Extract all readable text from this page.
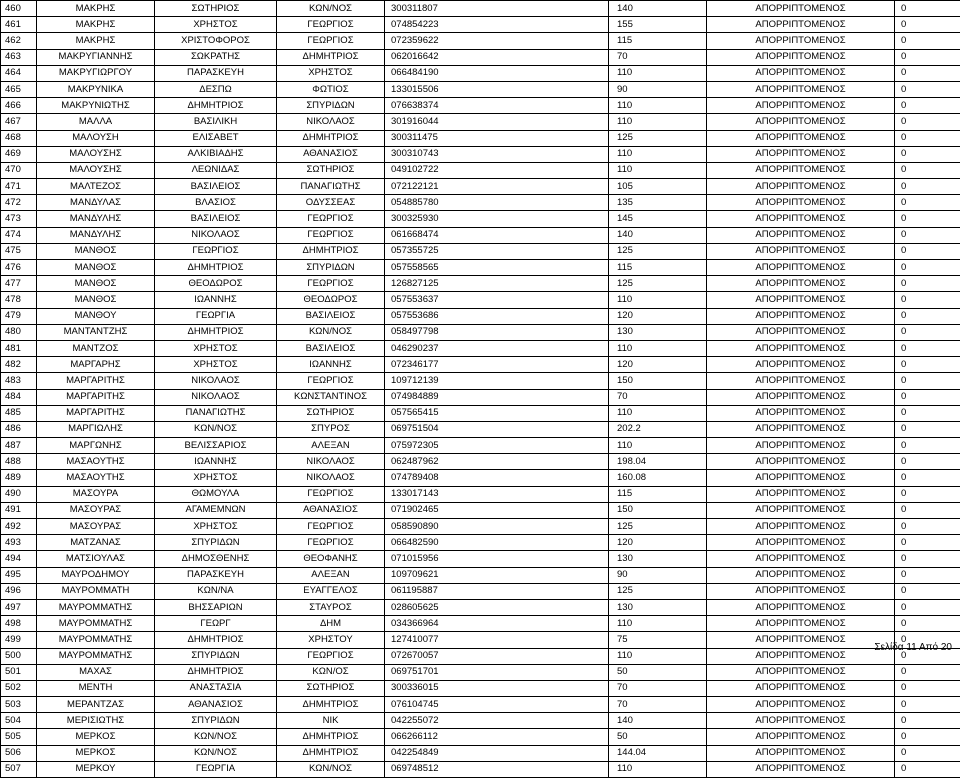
460	ΜΑΚΡΗΣ	ΣΩΤΗΡΙΟΣ	ΚΩΝ/ΝΟΣ	300311807	140	ΑΠΟΡΡΙΠΤΟΜΕΝΟΣ	0
461	ΜΑΚΡΗΣ	ΧΡΗΣΤΟΣ	ΓΕΩΡΓΙΟΣ	074854223	155	ΑΠΟΡΡΙΠΤΟΜΕΝΟΣ	0
462	ΜΑΚΡΗΣ	ΧΡΙΣΤΟΦΟΡΟΣ	ΓΕΩΡΓΙΟΣ	072359622	115	ΑΠΟΡΡΙΠΤΟΜΕΝΟΣ	0
463	ΜΑΚΡΥΓΙΑΝΝΗΣ	ΣΩΚΡΑΤΗΣ	ΔΗΜΗΤΡΙΟΣ	062016642	70	ΑΠΟΡΡΙΠΤΟΜΕΝΟΣ	0
464	ΜΑΚΡΥΓΙΩΡΓΟΥ	ΠΑΡΑΣΚΕΥΗ	ΧΡΗΣΤΟΣ	066484190	110	ΑΠΟΡΡΙΠΤΟΜΕΝΟΣ	0
465	ΜΑΚΡΥΝΙΚΑ	ΔΕΣΠΩ	ΦΩΤΙΟΣ	133015506	90	ΑΠΟΡΡΙΠΤΟΜΕΝΟΣ	0
466	ΜΑΚΡΥΝΙΩΤΗΣ	ΔΗΜΗΤΡΙΟΣ	ΣΠΥΡΙΔΩΝ	076638374	110	ΑΠΟΡΡΙΠΤΟΜΕΝΟΣ	0
467	ΜΑΛΛΑ	ΒΑΣΙΛΙΚΗ	ΝΙΚΟΛΑΟΣ	301916044	110	ΑΠΟΡΡΙΠΤΟΜΕΝΟΣ	0
468	ΜΑΛΟΥΣΗ	ΕΛΙΣΑΒΕΤ	ΔΗΜΗΤΡΙΟΣ	300311475	125	ΑΠΟΡΡΙΠΤΟΜΕΝΟΣ	0
469	ΜΑΛΟΥΣΗΣ	ΑΛΚΙΒΙΑΔΗΣ	ΑΘΑΝΑΣΙΟΣ	300310743	110	ΑΠΟΡΡΙΠΤΟΜΕΝΟΣ	0
470	ΜΑΛΟΥΣΗΣ	ΛΕΩΝΙΔΑΣ	ΣΩΤΗΡΙΟΣ	049102722	110	ΑΠΟΡΡΙΠΤΟΜΕΝΟΣ	0
471	ΜΑΛΤΕΖΟΣ	ΒΑΣΙΛΕΙΟΣ	ΠΑΝΑΓΙΩΤΗΣ	072122121	105	ΑΠΟΡΡΙΠΤΟΜΕΝΟΣ	0
472	ΜΑΝΔΥΛΑΣ	ΒΛΑΣΙΟΣ	ΟΔΥΣΣΕΑΣ	054885780	135	ΑΠΟΡΡΙΠΤΟΜΕΝΟΣ	0
473	ΜΑΝΔΥΛΗΣ	ΒΑΣΙΛΕΙΟΣ	ΓΕΩΡΓΙΟΣ	300325930	145	ΑΠΟΡΡΙΠΤΟΜΕΝΟΣ	0
474	ΜΑΝΔΥΛΗΣ	ΝΙΚΟΛΑΟΣ	ΓΕΩΡΓΙΟΣ	061668474	140	ΑΠΟΡΡΙΠΤΟΜΕΝΟΣ	0
475	ΜΑΝΘΟΣ	ΓΕΩΡΓΙΟΣ	ΔΗΜΗΤΡΙΟΣ	057355725	125	ΑΠΟΡΡΙΠΤΟΜΕΝΟΣ	0
476	ΜΑΝΘΟΣ	ΔΗΜΗΤΡΙΟΣ	ΣΠΥΡΙΔΩΝ	057558565	115	ΑΠΟΡΡΙΠΤΟΜΕΝΟΣ	0
477	ΜΑΝΘΟΣ	ΘΕΟΔΩΡΟΣ	ΓΕΩΡΓΙΟΣ	126827125	125	ΑΠΟΡΡΙΠΤΟΜΕΝΟΣ	0
478	ΜΑΝΘΟΣ	ΙΩΑΝΝΗΣ	ΘΕΟΔΩΡΟΣ	057553637	110	ΑΠΟΡΡΙΠΤΟΜΕΝΟΣ	0
479	ΜΑΝΘΟΥ	ΓΕΩΡΓΙΑ	ΒΑΣΙΛΕΙΟΣ	057553686	120	ΑΠΟΡΡΙΠΤΟΜΕΝΟΣ	0
480	ΜΑΝΤΑΝΤΖΗΣ	ΔΗΜΗΤΡΙΟΣ	ΚΩΝ/ΝΟΣ	058497798	130	ΑΠΟΡΡΙΠΤΟΜΕΝΟΣ	0
481	ΜΑΝΤΖΟΣ	ΧΡΗΣΤΟΣ	ΒΑΣΙΛΕΙΟΣ	046290237	110	ΑΠΟΡΡΙΠΤΟΜΕΝΟΣ	0
482	ΜΑΡΓΑΡΗΣ	ΧΡΗΣΤΟΣ	ΙΩΑΝΝΗΣ	072346177	120	ΑΠΟΡΡΙΠΤΟΜΕΝΟΣ	0
483	ΜΑΡΓΑΡΙΤΗΣ	ΝΙΚΟΛΑΟΣ	ΓΕΩΡΓΙΟΣ	109712139	150	ΑΠΟΡΡΙΠΤΟΜΕΝΟΣ	0
484	ΜΑΡΓΑΡΙΤΗΣ	ΝΙΚΟΛΑΟΣ	ΚΩΝΣΤΑΝΤΙΝΟΣ	074984889	70	ΑΠΟΡΡΙΠΤΟΜΕΝΟΣ	0
485	ΜΑΡΓΑΡΙΤΗΣ	ΠΑΝΑΓΙΩΤΗΣ	ΣΩΤΗΡΙΟΣ	057565415	110	ΑΠΟΡΡΙΠΤΟΜΕΝΟΣ	0
486	ΜΑΡΓΙΩΛΗΣ	ΚΩΝ/ΝΟΣ	ΣΠΥΡΟΣ	069751504	202.2	ΑΠΟΡΡΙΠΤΟΜΕΝΟΣ	0
487	ΜΑΡΓΩΝΗΣ	ΒΕΛΙΣΣΑΡΙΟΣ	ΑΛΕΞΑΝ	075972305	110	ΑΠΟΡΡΙΠΤΟΜΕΝΟΣ	0
488	ΜΑΣΑΟΥΤΗΣ	ΙΩΑΝΝΗΣ	ΝΙΚΟΛΑΟΣ	062487962	198.04	ΑΠΟΡΡΙΠΤΟΜΕΝΟΣ	0
489	ΜΑΣΑΟΥΤΗΣ	ΧΡΗΣΤΟΣ	ΝΙΚΟΛΑΟΣ	074789408	160.08	ΑΠΟΡΡΙΠΤΟΜΕΝΟΣ	0
490	ΜΑΣΟΥΡΑ	ΘΩΜΟΥΛΑ	ΓΕΩΡΓΙΟΣ	133017143	115	ΑΠΟΡΡΙΠΤΟΜΕΝΟΣ	0
491	ΜΑΣΟΥΡΑΣ	ΑΓΑΜΕΜΝΩΝ	ΑΘΑΝΑΣΙΟΣ	071902465	150	ΑΠΟΡΡΙΠΤΟΜΕΝΟΣ	0
492	ΜΑΣΟΥΡΑΣ	ΧΡΗΣΤΟΣ	ΓΕΩΡΓΙΟΣ	058590890	125	ΑΠΟΡΡΙΠΤΟΜΕΝΟΣ	0
493	ΜΑΤΖΑΝΑΣ	ΣΠΥΡΙΔΩΝ	ΓΕΩΡΓΙΟΣ	066482590	120	ΑΠΟΡΡΙΠΤΟΜΕΝΟΣ	0
494	ΜΑΤΣΙΟΥΛΑΣ	ΔΗΜΟΣΘΕΝΗΣ	ΘΕΟΦΑΝΗΣ	071015956	130	ΑΠΟΡΡΙΠΤΟΜΕΝΟΣ	0
495	ΜΑΥΡΟΔΗΜΟΥ	ΠΑΡΑΣΚΕΥΗ	ΑΛΕΞΑΝ	109709621	90	ΑΠΟΡΡΙΠΤΟΜΕΝΟΣ	0
496	ΜΑΥΡΟΜΜΑΤΗ	ΚΩΝ/ΝΑ	ΕΥΑΓΓΕΛΟΣ	061195887	125	ΑΠΟΡΡΙΠΤΟΜΕΝΟΣ	0
497	ΜΑΥΡΟΜΜΑΤΗΣ	ΒΗΣΣΑΡΙΩΝ	ΣΤΑΥΡΟΣ	028605625	130	ΑΠΟΡΡΙΠΤΟΜΕΝΟΣ	0
498	ΜΑΥΡΟΜΜΑΤΗΣ	ΓΕΩΡΓ	ΔΗΜ	034366964	110	ΑΠΟΡΡΙΠΤΟΜΕΝΟΣ	0
499	ΜΑΥΡΟΜΜΑΤΗΣ	ΔΗΜΗΤΡΙΟΣ	ΧΡΗΣΤΟΥ	127410077	75	ΑΠΟΡΡΙΠΤΟΜΕΝΟΣ	0
500	ΜΑΥΡΟΜΜΑΤΗΣ	ΣΠΥΡΙΔΩΝ	ΓΕΩΡΓΙΟΣ	072670057	110	ΑΠΟΡΡΙΠΤΟΜΕΝΟΣ	0
501	ΜΑΧΑΣ	ΔΗΜΗΤΡΙΟΣ	ΚΩΝ/ΟΣ	069751701	50	ΑΠΟΡΡΙΠΤΟΜΕΝΟΣ	0
502	ΜΕΝΤΗ	ΑΝΑΣΤΑΣΙΑ	ΣΩΤΗΡΙΟΣ	300336015	70	ΑΠΟΡΡΙΠΤΟΜΕΝΟΣ	0
503	ΜΕΡΑΝΤΖΑΣ	ΑΘΑΝΑΣΙΟΣ	ΔΗΜΗΤΡΙΟΣ	076104745	70	ΑΠΟΡΡΙΠΤΟΜΕΝΟΣ	0
504	ΜΕΡΙΣΙΩΤΗΣ	ΣΠΥΡΙΔΩΝ	ΝΙΚ	042255072	140	ΑΠΟΡΡΙΠΤΟΜΕΝΟΣ	0
505	ΜΕΡΚΟΣ	ΚΩΝ/ΝΟΣ	ΔΗΜΗΤΡΙΟΣ	066266112	50	ΑΠΟΡΡΙΠΤΟΜΕΝΟΣ	0
506	ΜΕΡΚΟΣ	ΚΩΝ/ΝΟΣ	ΔΗΜΗΤΡΙΟΣ	042254849	144.04	ΑΠΟΡΡΙΠΤΟΜΕΝΟΣ	0
507	ΜΕΡΚΟΥ	ΓΕΩΡΓΙΑ	ΚΩΝ/ΝΟΣ	069748512	110	ΑΠΟΡΡΙΠΤΟΜΕΝΟΣ	0
Σελίδα 11 Από 20
